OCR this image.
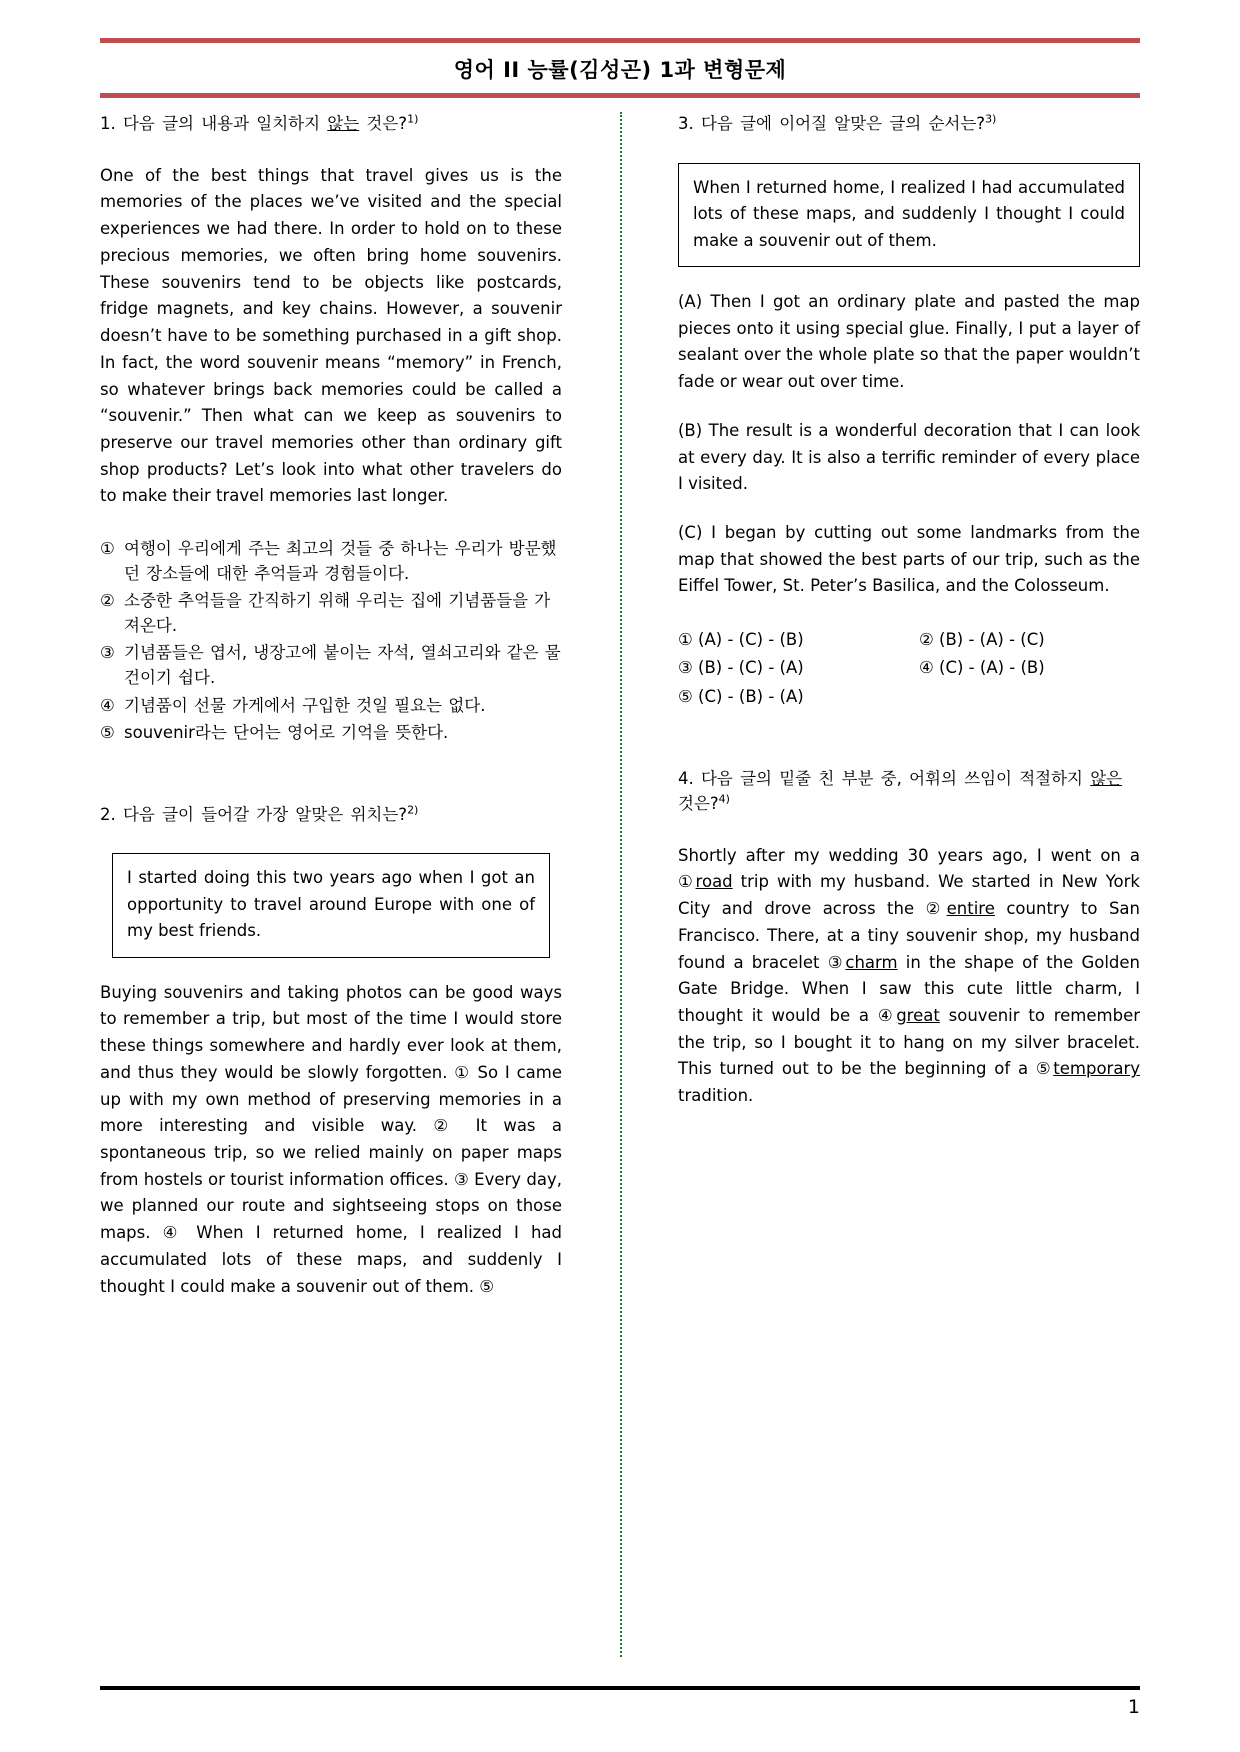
영어 II 능률(김성곤) 1과 변형문제
1. 다음 글의 내용과 일치하지 않는 것은?$^{1)}$
One of the best things that travel gives us is the memories of the places we’ve visited and the special experiences we had there. In order to hold on to these precious memories, we often bring home souvenirs. These souvenirs tend to be objects like postcards, fridge magnets, and key chains. However, a souvenir doesn’t have to be something purchased in a gift shop. In fact, the word souvenir means “memory” in French, so whatever brings back memories could be called a “souvenir.” Then what can we keep as souvenirs to preserve our travel memories other than ordinary gift shop products? Let’s look into what other travelers do to make their travel memories last longer.
① 여행이 우리에게 주는 최고의 것들 중 하나는 우리가 방문했던 장소들에 대한 추억들과 경험들이다.
② 소중한 추억들을 간직하기 위해 우리는 집에 기념품들을 가져온다.
③ 기념품들은 엽서, 냉장고에 붙이는 자석, 열쇠고리와 같은 물건이기 쉽다.
④ 기념품이 선물 가게에서 구입한 것일 필요는 없다.
⑤ souvenir라는 단어는 영어로 기억을 뜻한다.
2. 다음 글이 들어갈 가장 알맞은 위치는?$^{2)}$
I started doing this two years ago when I got an opportunity to travel around Europe with one of my best friends.
Buying souvenirs and taking photos can be good ways to remember a trip, but most of the time I would store these things somewhere and hardly ever look at them, and thus they would be slowly forgotten. ① So I came up with my own method of preserving memories in a more interesting and visible way. ② It was a spontaneous trip, so we relied mainly on paper maps from hostels or tourist information offices. ③ Every day, we planned our route and sightseeing stops on those maps. ④ When I returned home, I realized I had accumulated lots of these maps, and suddenly I thought I could make a souvenir out of them. ⑤
3. 다음 글에 이어질 알맞은 글의 순서는?$^{3)}$
When I returned home, I realized I had accumulated lots of these maps, and suddenly I thought I could make a souvenir out of them.
(A) Then I got an ordinary plate and pasted the map pieces onto it using special glue. Finally, I put a layer of sealant over the whole plate so that the paper wouldn’t fade or wear out over time.
(B) The result is a wonderful decoration that I can look at every day. It is also a terrific reminder of every place I visited.
(C) I began by cutting out some landmarks from the map that showed the best parts of our trip, such as the Eiffel Tower, St. Peter’s Basilica, and the Colosseum.
① (A) - (C) - (B)	② (B) - (A) - (C)
③ (B) - (C) - (A)	④ (C) - (A) - (B)
⑤ (C) - (B) - (A)
4. 다음 글의 밑줄 친 부분 중, 어휘의 쓰임이 적절하지 않은 것은?$^{4)}$
Shortly after my wedding 30 years ago, I went on a ①road trip with my husband. We started in New York City and drove across the ②entire country to San Francisco. There, at a tiny souvenir shop, my husband found a bracelet ③charm in the shape of the Golden Gate Bridge. When I saw this cute little charm, I thought it would be a ④great souvenir to remember the trip, so I bought it to hang on my silver bracelet. This turned out to be the beginning of a ⑤temporary tradition.
1
